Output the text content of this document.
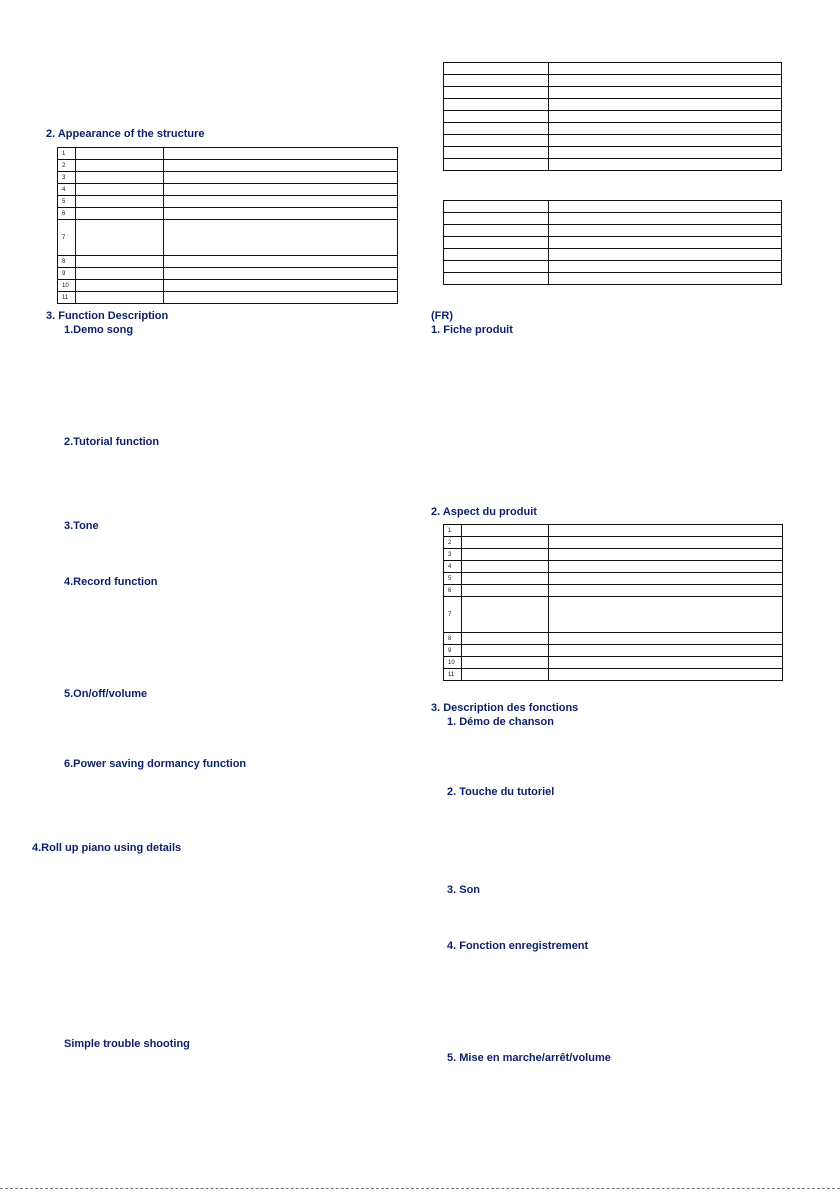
2. Appearance of the structure
1		
2		
3		
4		
5		
6		
7		
8		
9		
10		
11		
3. Function Description
1.Demo song
2.Tutorial function
3.Tone
4.Record function
5.On/off/volume
6.Power saving dormancy function
4.Roll up piano using details
Simple trouble shooting

(FR)
1. Fiche produit
2. Aspect du produit
1		
2		
3		
4		
5		
6		
7		
8		
9		
10		
11		
3. Description des fonctions
1. Démo de chanson
2. Touche du tutoriel
3. Son
4. Fonction enregistrement
5. Mise en marche/arrêt/volume
